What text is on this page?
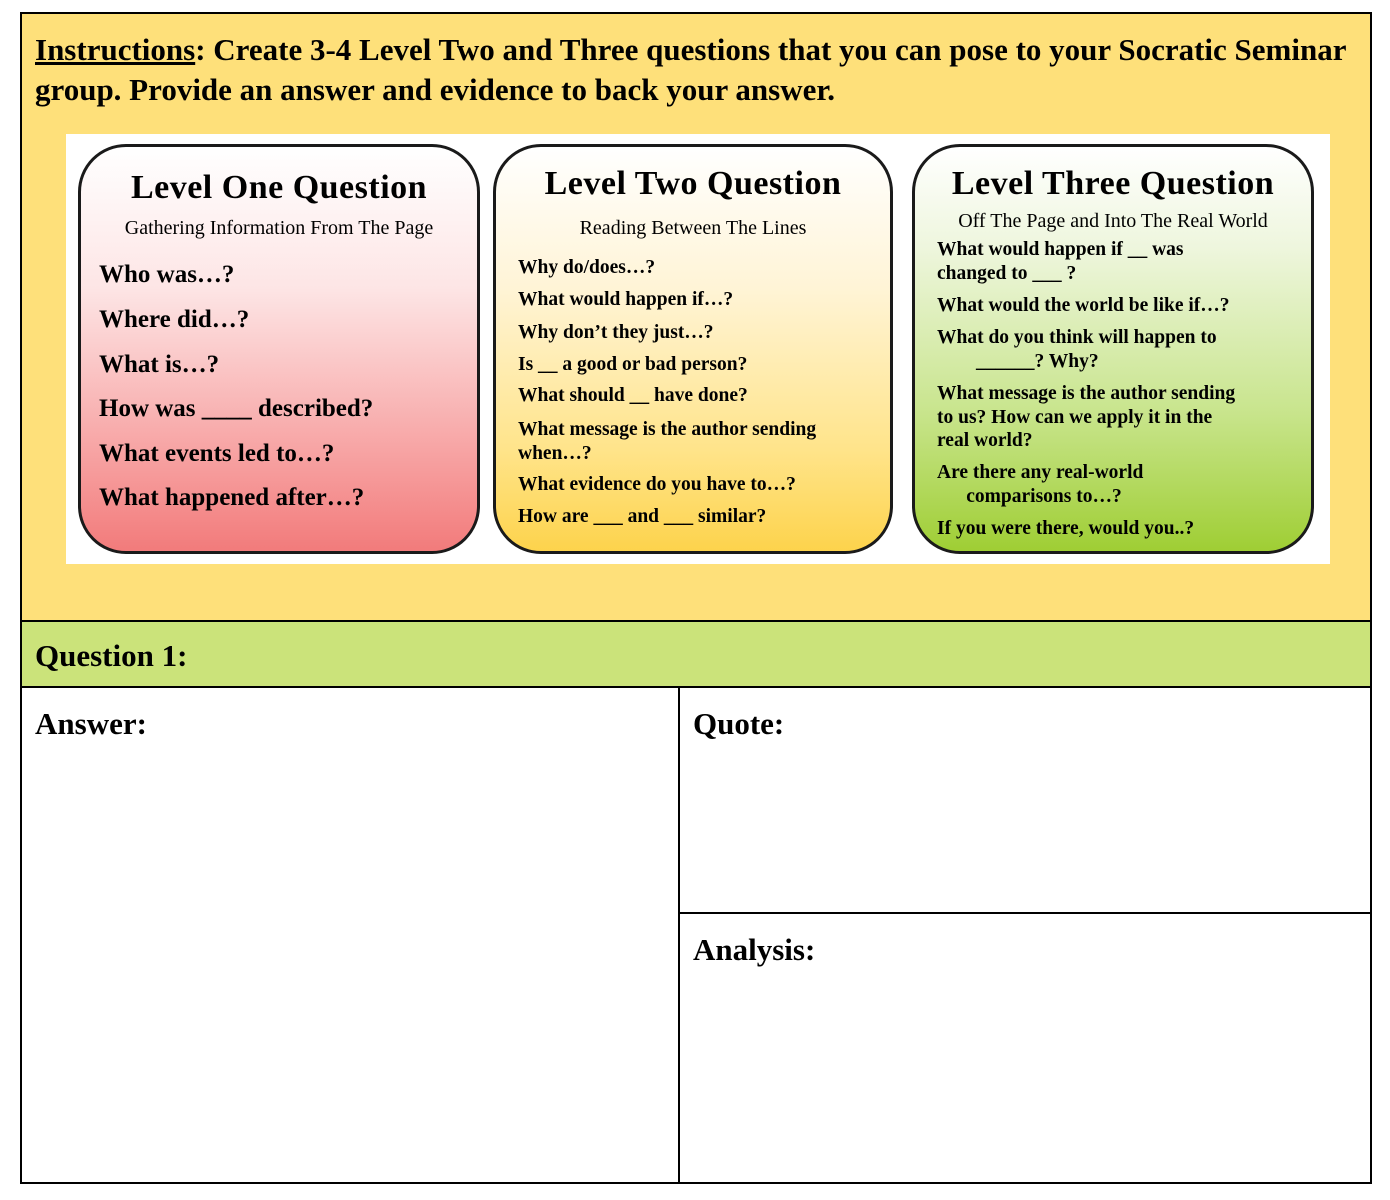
Instructions: Create 3-4 Level Two and Three questions that you can pose to your Socratic Seminar group. Provide an answer and evidence to back your answer.
Level One Question
Gathering Information From The Page
Who was…?
Where did…?
What is…?
How was ____ described?
What events led to…?
What happened after…?
Level Two Question
Reading Between The Lines
Why do/does…?
What would happen if…?
Why don’t they just…?
Is __ a good or bad person?
What should __ have done?
What message is the author sending
when…?
What evidence do you have to…?
How are ___ and ___ similar?
Level Three Question
Off The Page and Into The Real World
What would happen if __ was
changed to ___ ?
What would the world be like if…?
What do you think will happen to
______? Why?
What message is the author sending
to us? How can we apply it in the
real world?
Are there any real-world
comparisons to…?
If you were there, would you..?
Question 1:
Answer:	Quote:
Analysis:
